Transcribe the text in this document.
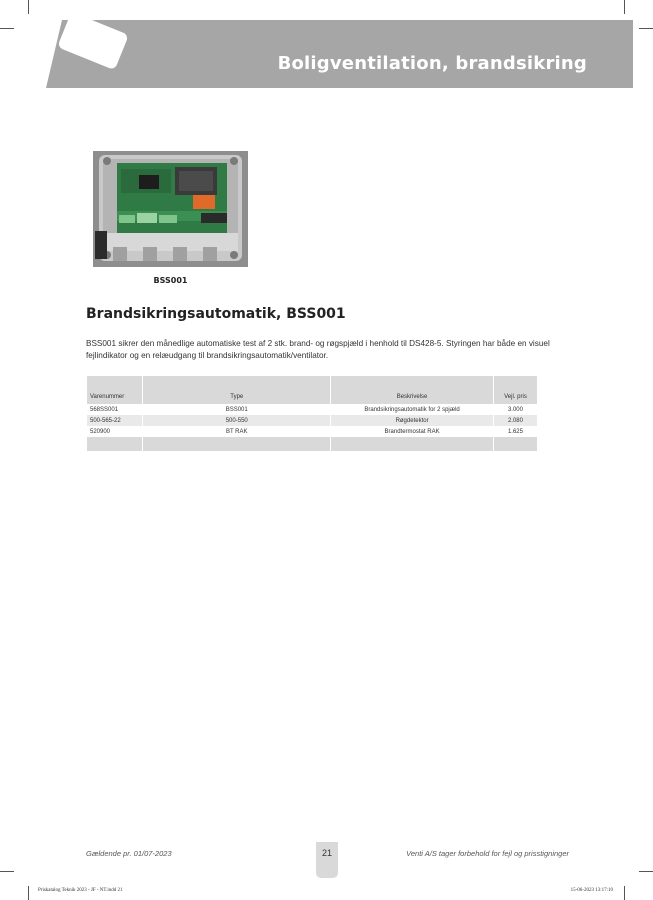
Boligventilation, brandsikring
BSS001
Brandsikringsautomatik, BSS001
BSS001 sikrer den månedlige automatiske test af 2 stk. brand- og røgspjæld i henhold til DS428-5. Styringen har både en visuel fejlindikator og en relæudgang til brandsikringsautomatik/ventilator.
Varenummer	Type	Beskrivelse	Vejl. pris
568SS001	BSS001	Brandsikringsautomatik for 2 spjæld	3.000
500-565-22	500-550	Røgdetektor	2.080
520900	BT RAK	Brandtermostat RAK	1.625

Gældende pr. 01/07-2023	21	Venti A/S tager forbehold for fejl og prisstigninger
Priskatalog Teknik 2023 - JF - NT.indd 21	15-06-2023 13:17:10
